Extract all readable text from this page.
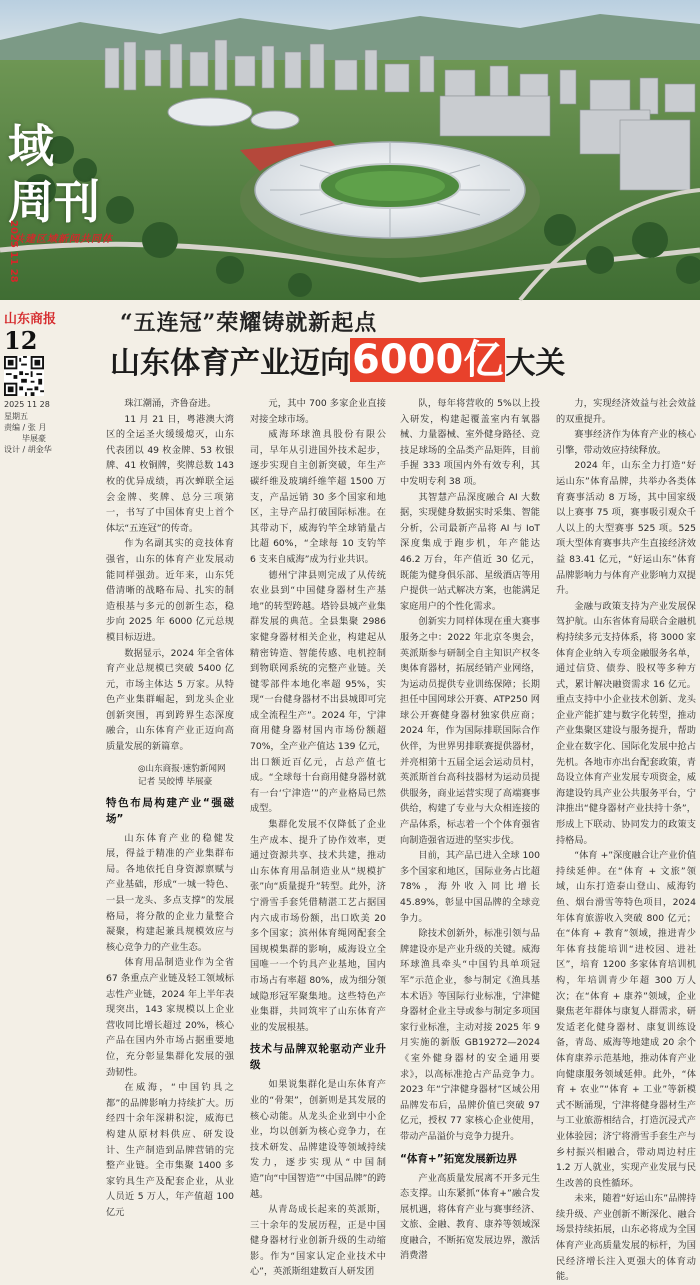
域
周刊
2025 11 28
共建区域新闻共同体
山东商报
12
2025 11 28
星期五
责编 / 张 月
毕展豪
设计 / 胡金华
“五连冠”荣耀铸就新起点
山东体育产业迈向6000亿大关

珠江潮涌，齐鲁奋进。

11 月 21 日，粤港澳大湾区的全运圣火缓缓熄灭，山东代表团以 49 枚金牌、53 枚银牌、41 枚铜牌，奖牌总数 143 枚的优异成绩，再次蝉联全运会金牌、奖牌、总分三项第一，书写了中国体育史上首个体坛“五连冠”的传奇。

作为名副其实的竞技体育强省，山东的体育产业发展动能同样强劲。近年来，山东凭借清晰的战略布局、扎实的制造根基与多元的创新生态，稳步向 2025 年 6000 亿元总规模目标迈进。

数据显示，2024 年全省体育产业总规模已突破 5400 亿元，市场主体达 5 万家。从特色产业集群崛起，到龙头企业创新突围，再到跨界生态深度融合，山东体育产业正迈向高质量发展的新篇章。

◎山东商报·速豹新闻网

记者 吴皎博 毕展豪

特色布局构建产业“强磁场”

山东体育产业的稳健发展，得益于精准的产业集群布局。各地依托自身资源禀赋与产业基础，形成“一城一特色、一县一龙头、多点支撑”的发展格局，将分散的企业力量整合凝聚，构建起兼具规模效应与核心竞争力的产业生态。

体育用品制造业作为全省 67 条重点产业链及轻工领域标志性产业链，2024 年上半年表现突出，143 家规模以上企业营收同比增长超过 20%，核心产品在国内外市场占据重要地位，充分彰显集群化发展的强劲韧性。

在威海，“中国钓具之都”的品牌影响力持续扩大。历经四十余年深耕积淀，威海已构建从原材料供应、研发设计、生产制造到品牌营销的完整产业链。全市集聚 1400 多家钓具生产及配套企业，从业人员近 5 万人，年产值超 100 亿元

元，其中 700 多家企业直接对接全球市场。

威海环球渔具股份有限公司，早年从引进国外技术起步，逐步实现自主创新突破，年生产碳纤维及玻璃纤维竿超 1500 万支，产品远销 30 多个国家和地区，主导产品打破国际标准。在其带动下，威海钓竿全球销量占比超 60%，“全球每 10 支钓竿 6 支来自威海”成为行业共识。

德州宁津县则完成了从传统农业县到“中国健身器材生产基地”的转型跨越。塔铃县城产业集群发展的典范。全县集聚 2986 家健身器材相关企业，构建起从精密铸造、智能传感、电机控制到物联网系统的完整产业链。关键零部件本地化率超 95%，实现“一台健身器材不出县城即可完成全流程生产”。2024 年，宁津商用健身器材国内市场份额超 70%，全产业产值达 139 亿元，出口额近百亿元，占总产值七成。“全球每十台商用健身器材就有一台‘宁津造’”的产业格局已然成型。

集群化发展不仅降低了企业生产成本、提升了协作效率，更通过资源共享、技术共建，推动山东体育用品制造业从“规模扩张”向“质量提升”转型。此外，济宁滑雪手套凭借精湛工艺占据国内六成市场份额，出口欧美 20 多个国家；滨州体育绳网配套全国规模集群的影响，威海设立全国唯一一个钓具产业基地，国内市场占有率超 80%，成为细分领域隐形冠军聚集地。这些特色产业集群，共同筑牢了山东体育产业的发展根基。

技术与品牌双轮驱动产业升级

如果说集群化是山东体育产业的“骨架”，创新则是其发展的核心动能。从龙头企业到中小企业，均以创新为核心竞争力，在技术研发、品牌建设等领域持续发力，逐步实现从“中国制造”向“中国智造”“中国品牌”的跨越。

从青岛成长起来的英派斯，三十余年的发展历程，正是中国健身器材行业创新升级的生动缩影。作为“国家认定企业技术中心”，英派斯组建数百人研发团

队，每年将营收的 5%以上投入研发，构建起覆盖室内有氧器械、力量器械、室外健身路径、竞技足球场的全品类产品矩阵，目前手握 333 项国内外有效专利，其中发明专利 38 项。

其智慧产品深度融合 AI 大数据，实现健身数据实时采集、智能分析，公司最新产品将 AI 与 IoT 深度集成于跑步机，年产能达 46.2 万台，年产值近 30 亿元，既能为健身俱乐部、星级酒店等用户提供一站式解决方案，也能满足家庭用户的个性化需求。

创新实力同样体现在重大赛事服务之中：2022 年北京冬奥会，英派斯参与研制全自主知识产权冬奥体育器材，拓展经销产业网络，为运动员提供专业训练保障；长期担任中国网球公开赛、ATP250 网球公开赛健身器材独家供应商；2024 年，作为国际排联国际合作伙伴，为世界男排联赛提供器材，并亮相第十五届全运会运动员村，英派斯首台高科技器材为运动员提供服务，商业运营实现了高端赛事供给，构建了专业与大众相连接的产品体系，标志着一个个体育强省向制造强省迈进的坚实步伐。

目前，其产品已进入全球 100 多个国家和地区，国际业务占比超 78%，海外收入同比增长 45.89%，彰显中国品牌的全球竞争力。

除技术创新外，标准引领与品牌建设亦是产业升级的关键。威海环球渔具牵头“中国钓具单项冠军”示范企业，参与制定《渔具基本术语》等国际行业标准，宁津健身器材企业主导或参与制定多项国家行业标准，主动对接 2025 年 9 月实施的新版 GB19272—2024《室外健身器材的安全通用要求》，以高标准抢占产品竞争力。2023 年“宁津健身器材”区域公用品牌发布后，品牌价值已突破 97 亿元，授权 77 家核心企业使用，带动产品溢价与竞争力提升。

“体育+”拓宽发展新边界

产业高质量发展离不开多元生态支撑。山东紧抓“体育+”融合发展机遇，将体育产业与赛事经济、文旅、金融、教育、康养等领域深度融合，不断拓宽发展边界，激活消费潜

力，实现经济效益与社会效益的双重提升。

赛事经济作为体育产业的核心引擎，带动效应持续释放。

2024 年，山东全力打造“好运山东”体育品牌，共举办各类体育赛事活动 8 万场，其中国家级以上赛事 75 项，赛事吸引观众千人以上的大型赛事 525 项。525 项大型体育赛事共产生直接经济效益 83.41 亿元，“好运山东”体育品牌影响力与体育产业影响力双提升。

金融与政策支持为产业发展保驾护航。山东省体育局联合金融机构持续多元支持体系，将 3000 家体育企业纳入专项金融服务名单，通过信贷、债券、股权等多种方式，累计解决融资需求 16 亿元。重点支持中小企业技术创新、龙头企业产能扩建与数字化转型，推动产业集聚区建设与服务提升，帮助企业在数字化、国际化发展中抢占先机。各地市亦出台配套政策，青岛设立体育产业发展专项资金，威海建设钓具产业公共服务平台，宁津推出“健身器材产业扶持十条”，形成上下联动、协同发力的政策支持格局。

“体育 +”深度融合让产业价值持续延伸。在“体育 + 文旅”领域，山东打造泰山登山、威海钓鱼、烟台滑雪等特色项目，2024 年体育旅游收入突破 800 亿元；在“体育 + 教育”领域，推进青少年体育技能培训“进校园、进社区”，培育 1200 多家体育培训机构，年培训青少年超 300 万人次；在“体育 + 康养”领域，企业聚焦老年群体与康复人群需求，研发适老化健身器材、康复训练设备，青岛、威海等地建成 20 余个体育康养示范基地，推动体育产业向健康服务领域延伸。此外，“体育 + 农业”“体育 + 工业”等新模式不断涌现，宁津将健身器材生产与工业旅游相结合，打造沉浸式产业体验园；济宁将滑雪手套生产与乡村振兴相融合，带动周边村庄 1.2 万人就业，实现产业发展与民生改善的良性循环。

未来，随着“好运山东”品牌持续升级、产业创新不断深化、融合场景持续拓展，山东必将成为全国体育产业高质量发展的标杆，为国民经济增长注入更强大的体育动能。
